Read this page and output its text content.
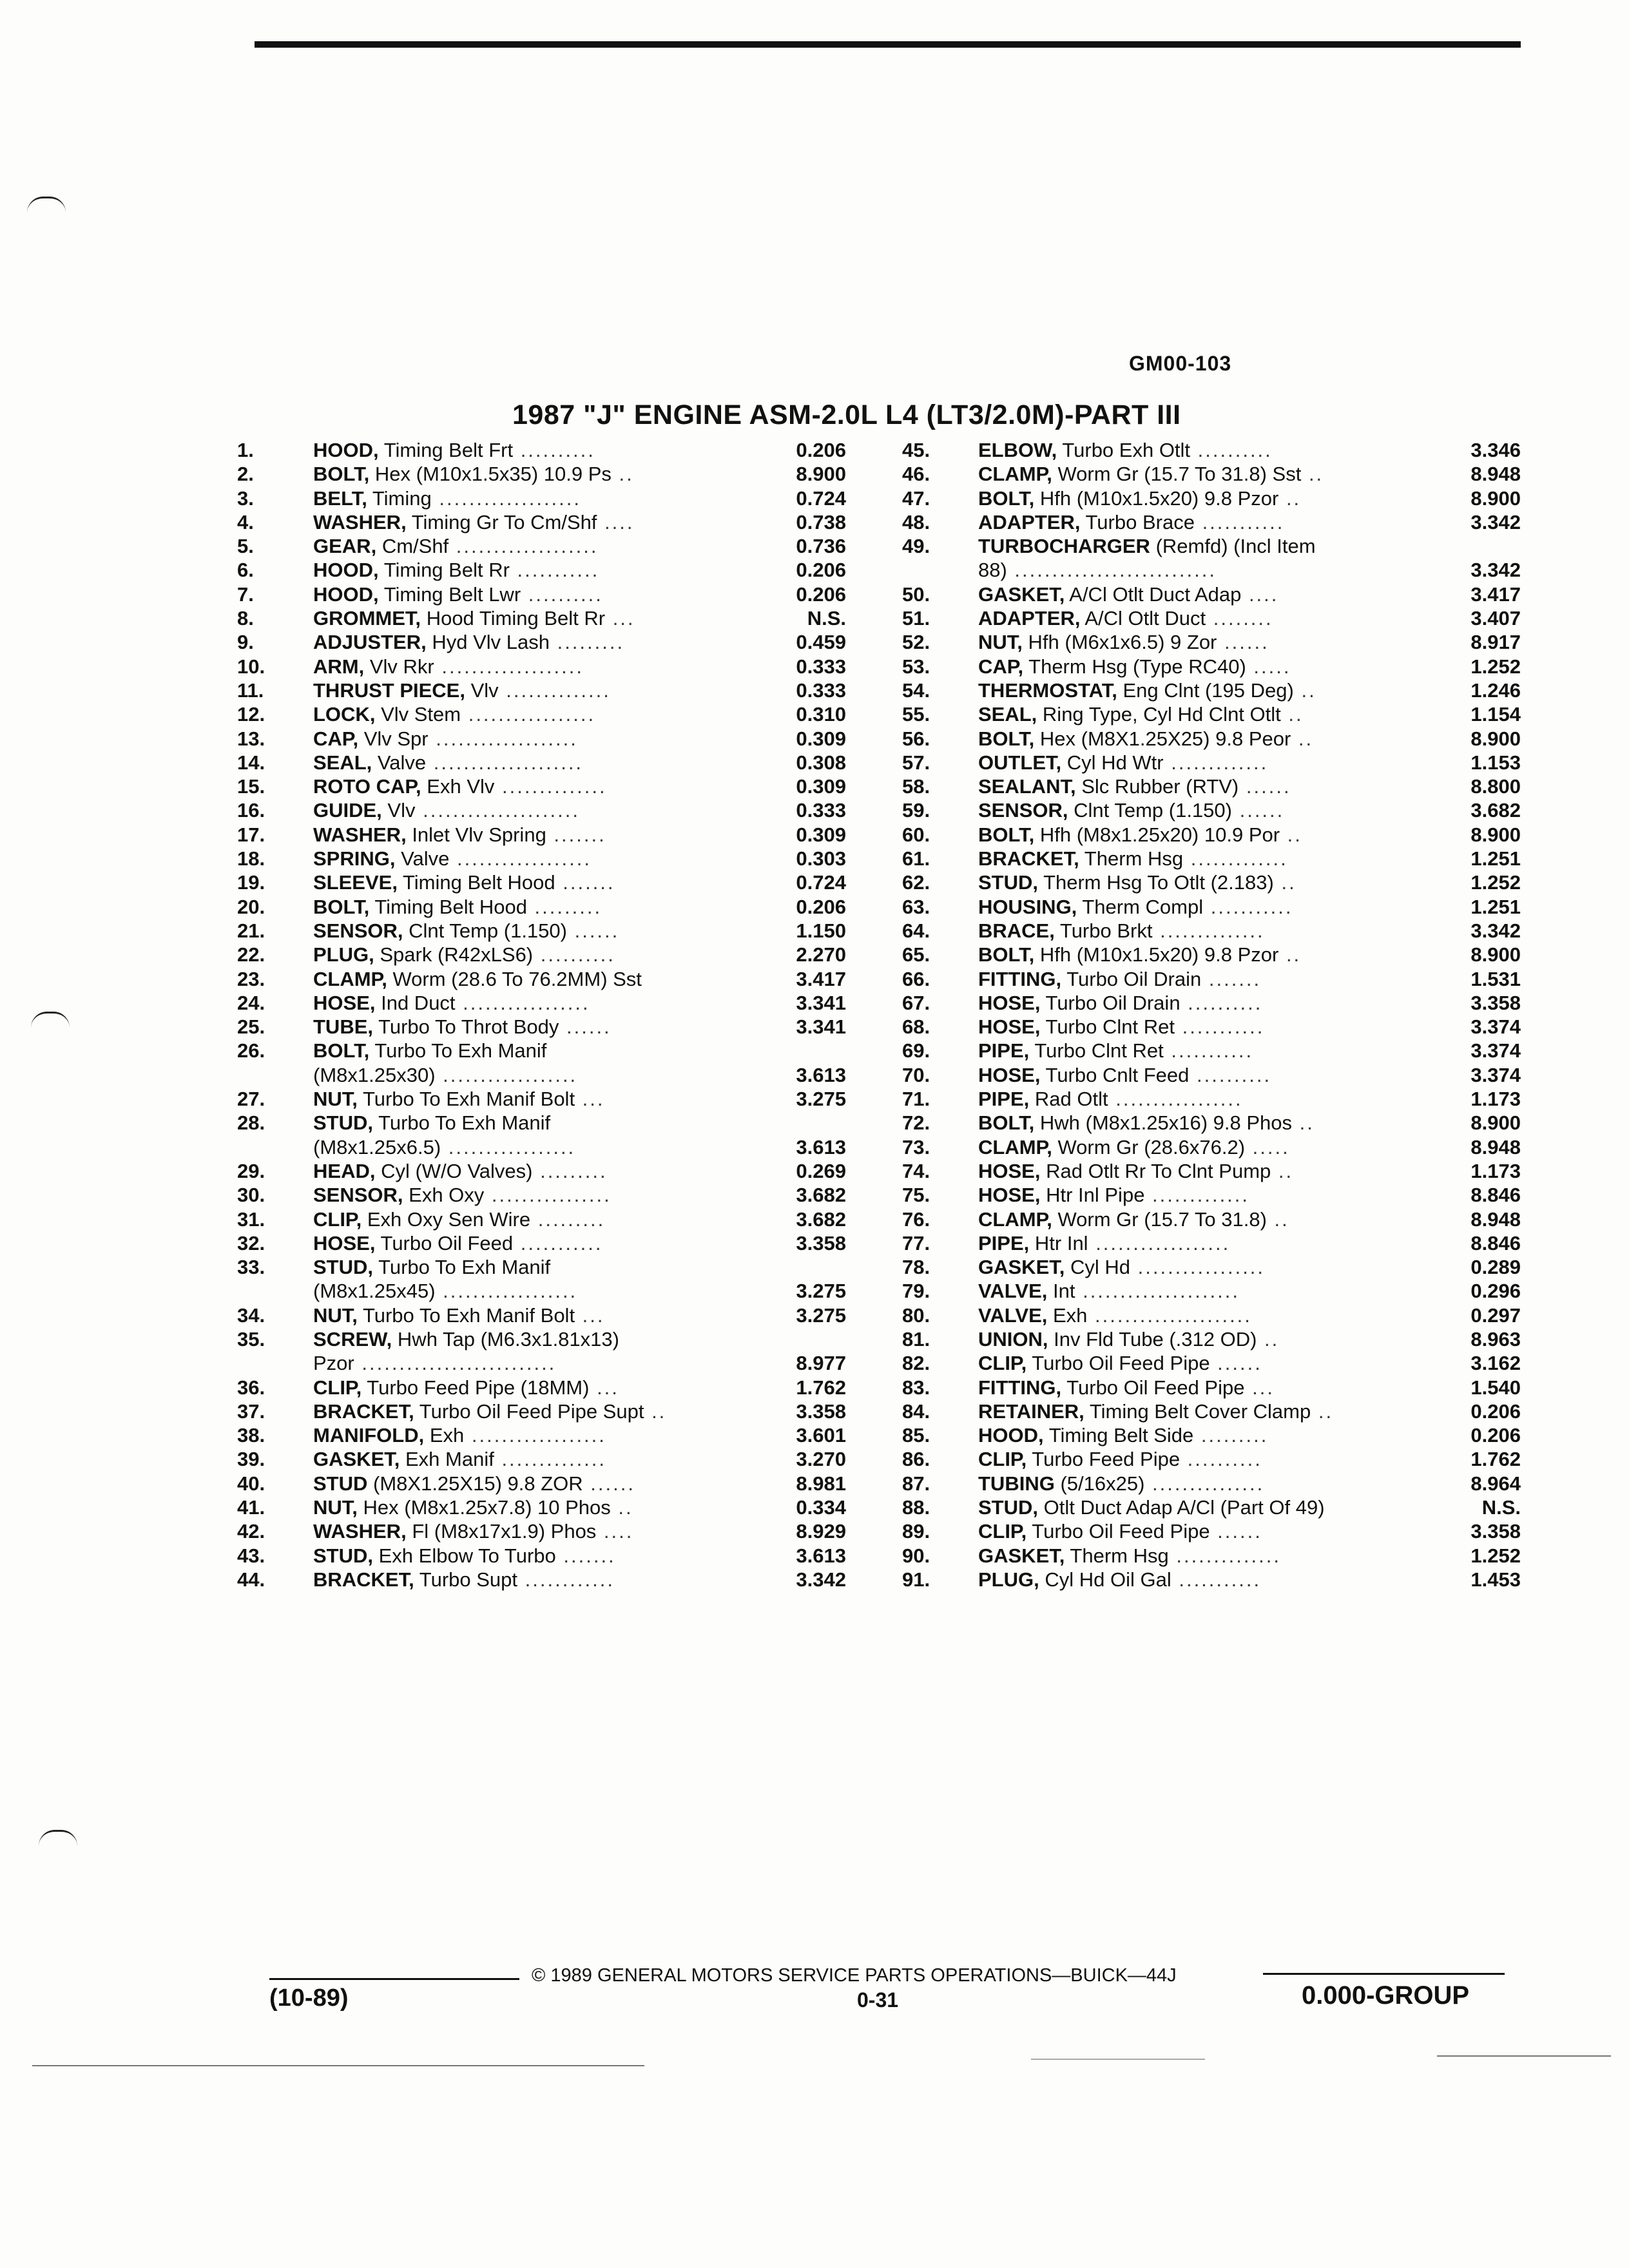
GM00-103
1987 "J" ENGINE ASM-2.0L L4 (LT3/2.0M)-PART III
1.	HOOD, Timing Belt Frt ..........	0.206
2.	BOLT, Hex (M10x1.5x35) 10.9 Ps ..	8.900
3.	BELT, Timing ...................	0.724
4.	WASHER, Timing Gr To Cm/Shf ....	0.738
5.	GEAR, Cm/Shf ...................	0.736
6.	HOOD, Timing Belt Rr ...........	0.206
7.	HOOD, Timing Belt Lwr ..........	0.206
8.	GROMMET, Hood Timing Belt Rr ...	N.S.
9.	ADJUSTER, Hyd Vlv Lash .........	0.459
10. ARM, Vlv Rkr ...................	0.333
11. THRUST PIECE, Vlv ..............	0.333
12. LOCK, Vlv Stem .................	0.310
13. CAP, Vlv Spr ...................	0.309
14. SEAL, Valve ....................	0.308
15. ROTO CAP, Exh Vlv ..............	0.309
16. GUIDE, Vlv .....................	0.333
17. WASHER, Inlet Vlv Spring .......	0.309
18. SPRING, Valve ..................	0.303
19. SLEEVE, Timing Belt Hood .......	0.724
20. BOLT, Timing Belt Hood .........	0.206
21. SENSOR, Clnt Temp (1.150) ......	1.150
22. PLUG, Spark (R42xLS6) ..........	2.270
23. CLAMP, Worm (28.6 To 76.2MM) Sst	3.417
24. HOSE, Ind Duct .................	3.341
25. TUBE, Turbo To Throt Body ......	3.341
26. BOLT, Turbo To Exh Manif
(M8x1.25x30) ..................	3.613
27. NUT, Turbo To Exh Manif Bolt ...	3.275
28. STUD, Turbo To Exh Manif
(M8x1.25x6.5) .................	3.613
29. HEAD, Cyl (W/O Valves) .........	0.269
30. SENSOR, Exh Oxy ................	3.682
31. CLIP, Exh Oxy Sen Wire .........	3.682
32. HOSE, Turbo Oil Feed ...........	3.358
33. STUD, Turbo To Exh Manif
(M8x1.25x45) ..................	3.275
34. NUT, Turbo To Exh Manif Bolt ...	3.275
35. SCREW, Hwh Tap (M6.3x1.81x13)
Pzor ..........................	8.977
36. CLIP, Turbo Feed Pipe (18MM) ...	1.762
37. BRACKET, Turbo Oil Feed Pipe Supt ..	3.358
38. MANIFOLD, Exh ..................	3.601
39. GASKET, Exh Manif ..............	3.270
40. STUD (M8X1.25X15) 9.8 ZOR ......	8.981
41. NUT, Hex (M8x1.25x7.8) 10 Phos ..	0.334
42. WASHER, Fl (M8x17x1.9) Phos ....	8.929
43. STUD, Exh Elbow To Turbo .......	3.613
44. BRACKET, Turbo Supt ............	3.342
45. ELBOW, Turbo Exh Otlt ..........	3.346
46. CLAMP, Worm Gr (15.7 To 31.8) Sst ..	8.948
47. BOLT, Hfh (M10x1.5x20) 9.8 Pzor ..	8.900
48. ADAPTER, Turbo Brace ...........	3.342
49. TURBOCHARGER (Remfd) (Incl Item
88) ...........................	3.342
50. GASKET, A/Cl Otlt Duct Adap ....	3.417
51. ADAPTER, A/Cl Otlt Duct ........	3.407
52. NUT, Hfh (M6x1x6.5) 9 Zor ......	8.917
53. CAP, Therm Hsg (Type RC40) .....	1.252
54. THERMOSTAT, Eng Clnt (195 Deg) ..	1.246
55. SEAL, Ring Type, Cyl Hd Clnt Otlt ..	1.154
56. BOLT, Hex (M8X1.25X25) 9.8 Peor ..	8.900
57. OUTLET, Cyl Hd Wtr .............	1.153
58. SEALANT, Slc Rubber (RTV) ......	8.800
59. SENSOR, Clnt Temp (1.150) ......	3.682
60. BOLT, Hfh (M8x1.25x20) 10.9 Por ..	8.900
61. BRACKET, Therm Hsg .............	1.251
62. STUD, Therm Hsg To Otlt (2.183) ..	1.252
63. HOUSING, Therm Compl ...........	1.251
64. BRACE, Turbo Brkt ..............	3.342
65. BOLT, Hfh (M10x1.5x20) 9.8 Pzor ..	8.900
66. FITTING, Turbo Oil Drain .......	1.531
67. HOSE, Turbo Oil Drain ..........	3.358
68. HOSE, Turbo Clnt Ret ...........	3.374
69. PIPE, Turbo Clnt Ret ...........	3.374
70. HOSE, Turbo Cnlt Feed ..........	3.374
71. PIPE, Rad Otlt .................	1.173
72. BOLT, Hwh (M8x1.25x16) 9.8 Phos ..	8.900
73. CLAMP, Worm Gr (28.6x76.2) .....	8.948
74. HOSE, Rad Otlt Rr To Clnt Pump ..	1.173
75. HOSE, Htr Inl Pipe .............	8.846
76. CLAMP, Worm Gr (15.7 To 31.8) ..	8.948
77. PIPE, Htr Inl ..................	8.846
78. GASKET, Cyl Hd .................	0.289
79. VALVE, Int .....................	0.296
80. VALVE, Exh .....................	0.297
81. UNION, Inv Fld Tube (.312 OD) ..	8.963
82. CLIP, Turbo Oil Feed Pipe ......	3.162
83. FITTING, Turbo Oil Feed Pipe ...	1.540
84. RETAINER, Timing Belt Cover Clamp ..	0.206
85. HOOD, Timing Belt Side .........	0.206
86. CLIP, Turbo Feed Pipe ..........	1.762
87. TUBING (5/16x25) ...............	8.964
88. STUD, Otlt Duct Adap A/Cl (Part Of 49)	N.S.
89. CLIP, Turbo Oil Feed Pipe ......	3.358
90. GASKET, Therm Hsg ..............	1.252
91. PLUG, Cyl Hd Oil Gal ...........	1.453
(10-89)
© 1989 GENERAL MOTORS SERVICE PARTS OPERATIONS—BUICK—44J
0-31	0.000-GROUP
